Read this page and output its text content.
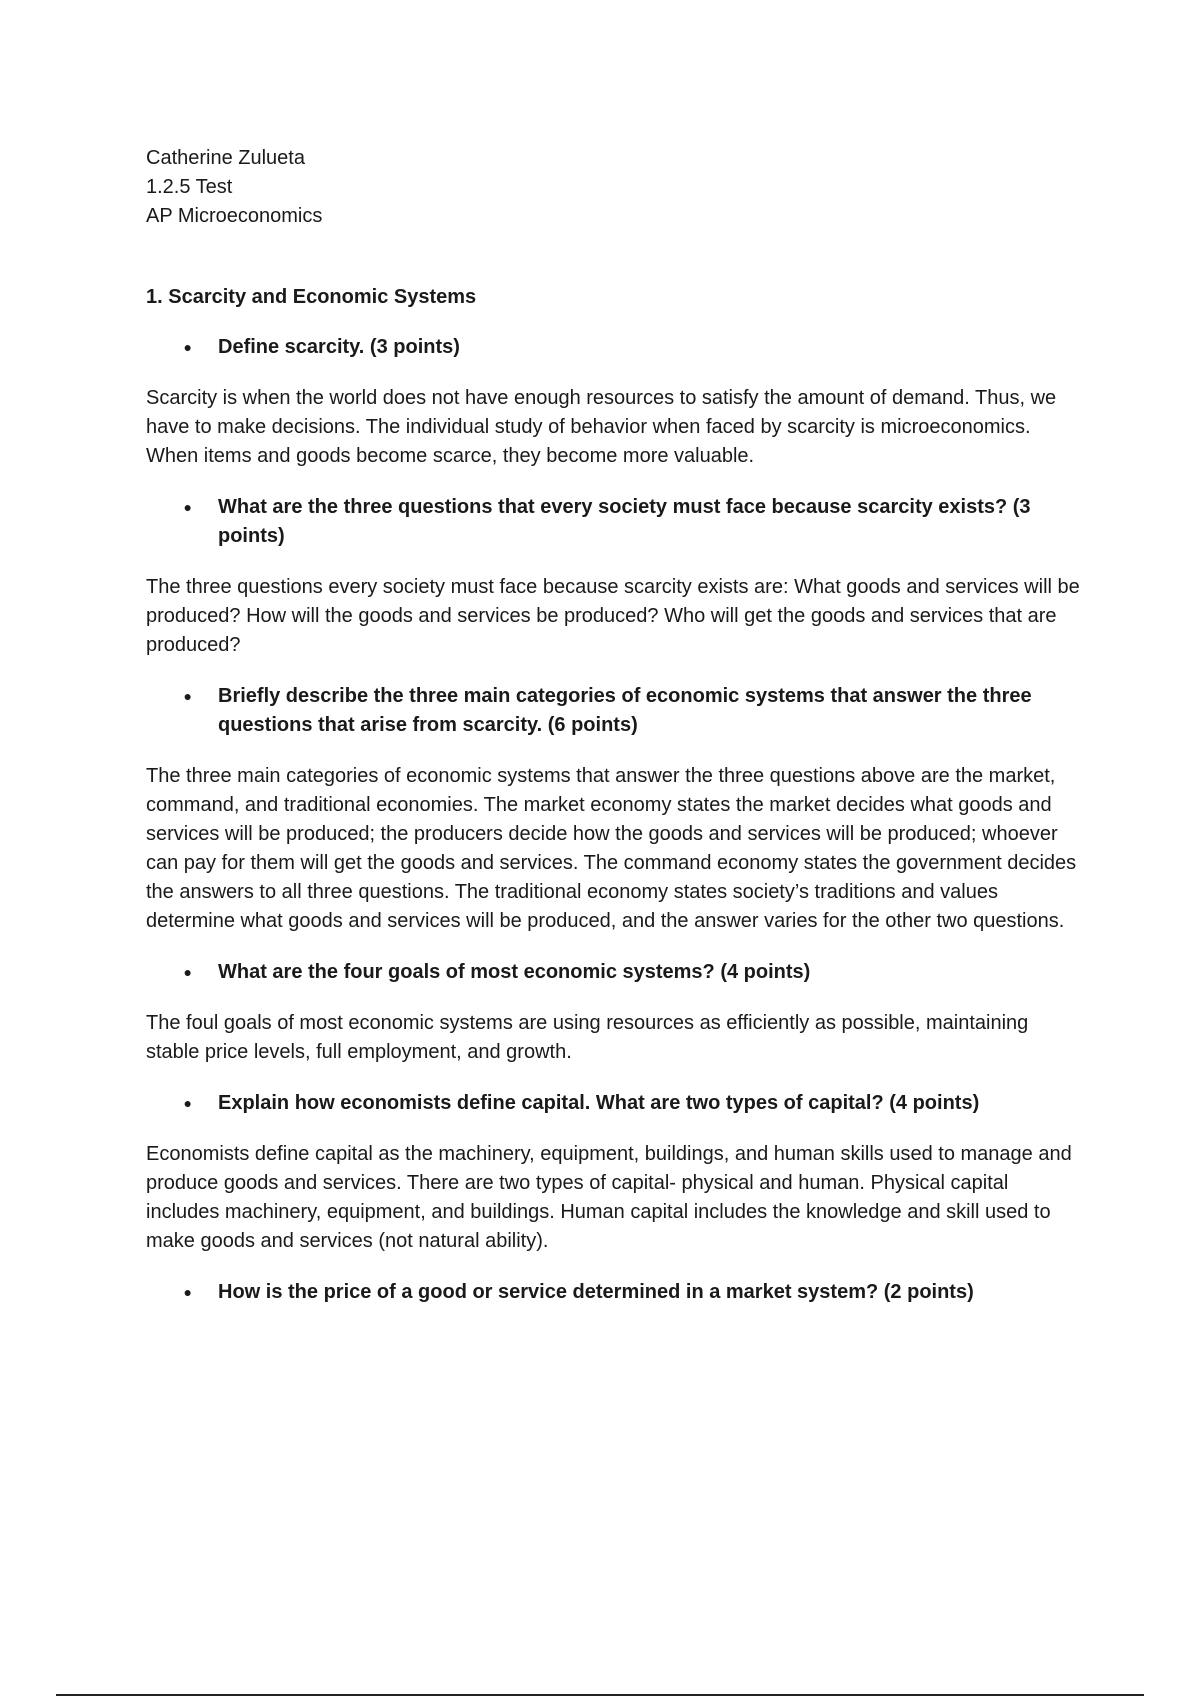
Catherine Zulueta

1.2.5 Test

AP Microeconomics

1. Scarcity and Economic Systems
●	Define scarcity. (3 points)

Scarcity is when the world does not have enough resources to satisfy the amount of demand. Thus, we have to make decisions. The individual study of behavior when faced by scarcity is microeconomics. When items and goods become scarce, they become more valuable.

●	What are the three questions that every society must face because scarcity exists? (3 points)

The three questions every society must face because scarcity exists are: What goods and services will be produced? How will the goods and services be produced? Who will get the goods and services that are produced?

●	Briefly describe the three main categories of economic systems that answer the three questions that arise from scarcity. (6 points)

The three main categories of economic systems that answer the three questions above are the market, command, and traditional economies. The market economy states the market decides what goods and services will be produced; the producers decide how the goods and services will be produced; whoever can pay for them will get the goods and services. The command economy states the government decides the answers to all three questions. The traditional economy states society’s traditions and values determine what goods and services will be produced, and the answer varies for the other two questions.

●	What are the four goals of most economic systems? (4 points)

The foul goals of most economic systems are using resources as efficiently as possible, maintaining stable price levels, full employment, and growth.

●	Explain how economists define capital. What are two types of capital? (4 points)

Economists define capital as the machinery, equipment, buildings, and human skills used to manage and produce goods and services. There are two types of capital- physical and human. Physical capital includes machinery, equipment, and buildings. Human capital includes the knowledge and skill used to make goods and services (not natural ability).

●	How is the price of a good or service determined in a market system? (2 points)
